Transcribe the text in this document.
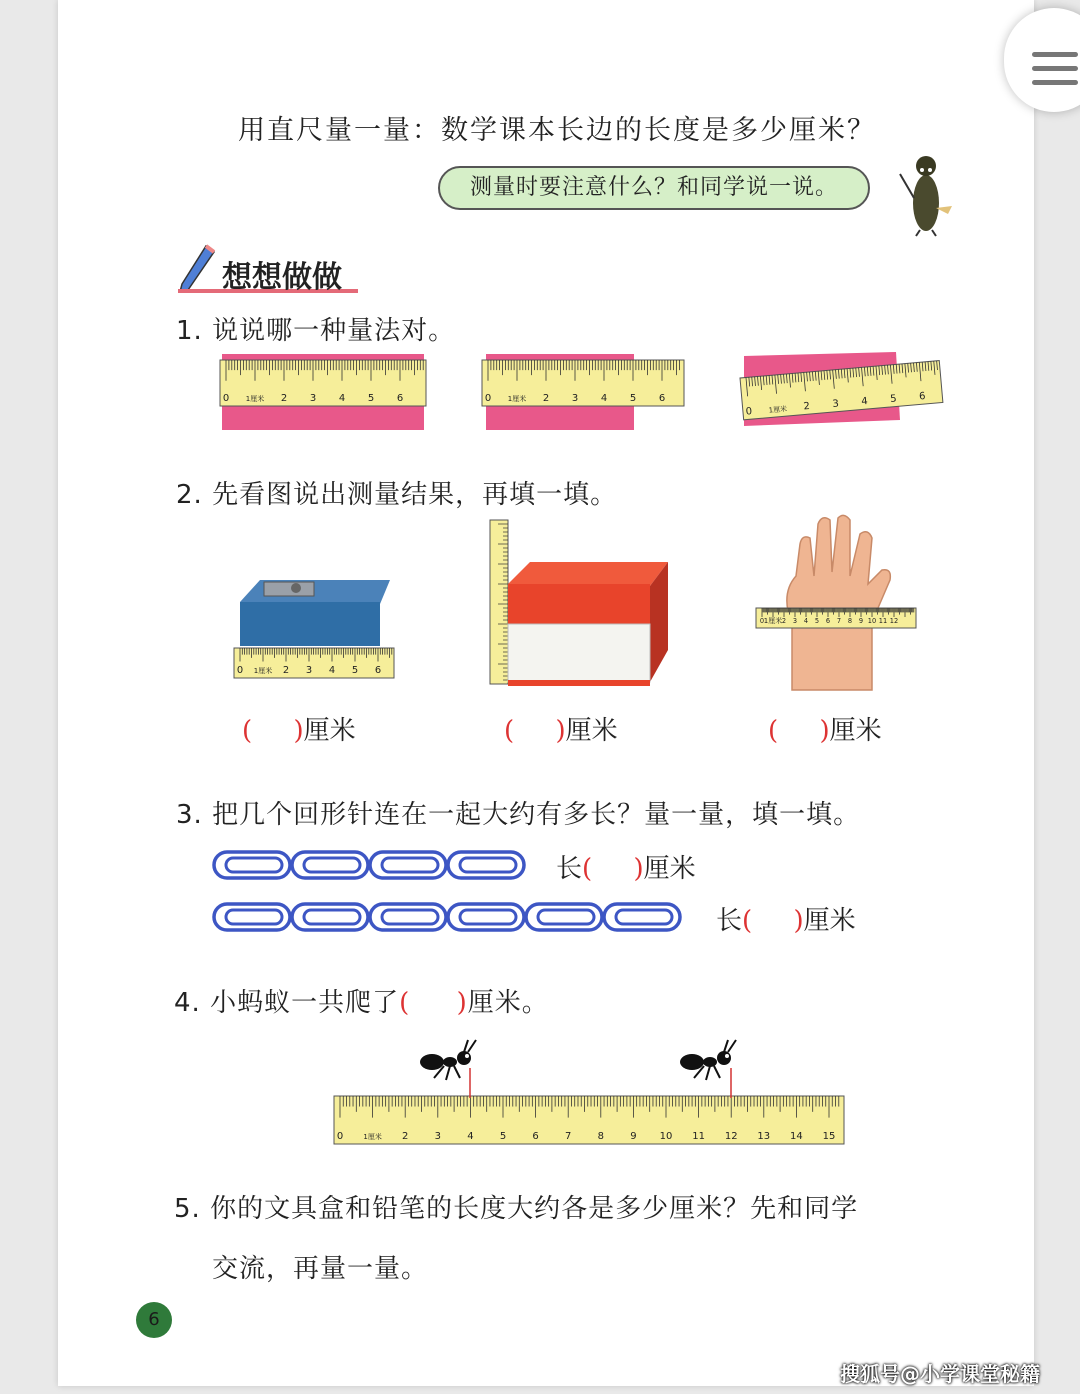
用直尺量一量：数学课本长边的长度是多少厘米？
测量时要注意什么？和同学说一说。
想想做做
1. 说说哪一种量法对。
0 1厘米 2 3 4 5 6	0 1厘米 2 3 4 5 6
0 1厘米 2 3 4 5 6
2. 先看图说出测量结果，再填一填。
0 1厘米 2 3 4 5 6
0 1厘米 2 3 4 5 6 7 8 9 10 11 12
( )厘米	( )厘米	( )厘米
3. 把几个回形针连在一起大约有多长？量一量，填一填。
长( )厘米
长( )厘米
4. 小蚂蚁一共爬了( )厘米。
0	1厘米 2	3	4	5	6	7	8	9 10 11 12 13 14 15
5. 你的文具盒和铅笔的长度大约各是多少厘米？先和同学
交流，再量一量。
6
搜狐号@小学课堂秘籍
